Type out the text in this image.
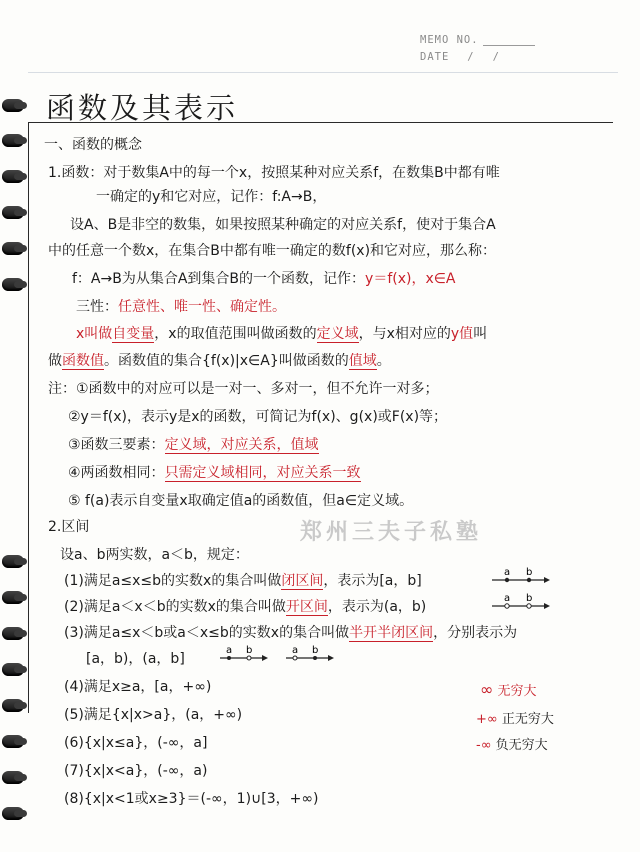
MEMO NO.
DATE / /
函数及其表示
一、函数的概念
1.函数：对于数集A中的每一个x，按照某种对应关系f，在数集B中都有唯
一确定的y和它对应，记作：f:A→B，
设A、B是非空的数集，如果按照某种确定的对应关系f，使对于集合A
中的任意一个数x，在集合B中都有唯一确定的数f(x)和它对应，那么称：
f：A→B为从集合A到集合B的一个函数，记作：y＝f(x)，x∈A
三性：任意性、唯一性、确定性。
x叫做自变量，x的取值范围叫做函数的定义域，与x相对应的y值叫
做函数值。函数值的集合{f(x)|x∈A}叫做函数的值域。
注：①函数中的对应可以是一对一、多对一，但不允许一对多；
②y＝f(x)，表示y是x的函数，可简记为f(x)、g(x)或F(x)等；
③函数三要素：定义域，对应关系，值域
④两函数相同：只需定义域相同，对应关系一致
⑤ f(a)表示自变量x取确定值a的函数值，但a∈定义域。
2.区间	郑州三夫子私塾
设a、b两实数，a＜b，规定：
(1)满足a≤x≤b的实数x的集合叫做闭区间，表示为[a，b]
(2)满足a＜x＜b的实数x的集合叫做开区间，表示为(a，b)
(3)满足a≤x＜b或a＜x≤b的实数x的集合叫做半开半闭区间，分别表示为
[a，b)，(a，b]
a b
a b
a b	a b
(4)满足x≥a，[a，+∞)
(5)满足{x|x>a}，(a，+∞)
(6){x|x≤a}，(-∞，a]
(7){x|x<a}，(-∞，a)
(8){x|x<1或x≥3}＝(-∞，1)∪[3，+∞)
∞ 无穷大
+∞ 正无穷大
-∞ 负无穷大
